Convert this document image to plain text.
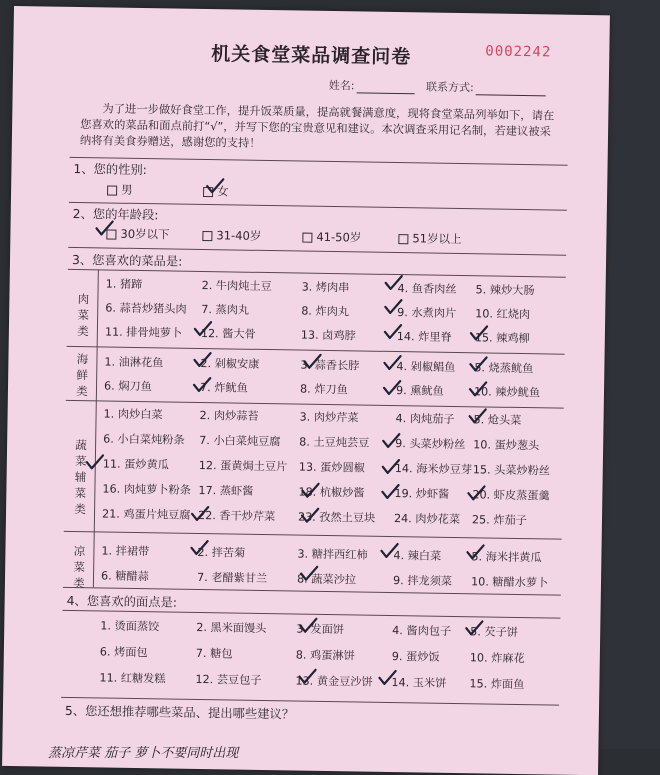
机关食堂菜品调查问卷	0002242
姓名:	联系方式:
为了进一步做好食堂工作，提升饭菜质量，提高就餐满意度，现将食堂菜品列举如下，请在您喜欢的菜品和面点前打“√”，并写下您的宝贵意见和建议。本次调查采用记名制，若建议被采纳将有美食券赠送，感谢您的支持！
1、您的性别:
男	女
2、您的年龄段:
30岁以下	31-40岁	41-50岁	51岁以上
3、您喜欢的菜品是:
肉菜类
海鲜类
蔬菜辅菜类
凉菜类
4、您喜欢的面点是:
5、您还想推荐哪些菜品、提出哪些建议？
1. 猪蹄	2. 牛肉炖土豆	3. 烤肉串	4. 鱼香肉丝 5. 辣炒大肠
6. 蒜苔炒猪头肉 7. 蒸肉丸	8. 炸肉丸	9. 水煮肉片 10. 红烧肉
11. 排骨炖萝卜 12. 酱大骨	13. 卤鸡脖	14. 炸里脊 15. 辣鸡柳
1. 油淋花鱼	2. 剁椒安康	3. 蒜香长脖	4. 剁椒鲳鱼 5. 烧蒸鱿鱼
6. 焖刀鱼	7. 炸鱿鱼	8. 炸刀鱼	9. 熏鱿鱼	10. 辣炒鱿鱼
1. 肉炒白菜	2. 肉炒蒜苔	3. 肉炒芹菜	4. 肉炖茄子 5. 炝头菜
6. 小白菜炖粉条 7. 小白菜炖豆腐 8. 土豆炖芸豆 9. 头菜炒粉丝 10. 蛋炒葱头
11. 蛋炒黄瓜	12. 蛋黄焗土豆片 13. 蛋炒圆椒	14. 海米炒豆芽 15. 头菜炒粉丝
16. 肉炖萝卜粉条 17. 蒸虾酱	18. 杭椒炒酱	19. 炒虾酱 20. 虾皮蒸蛋羹
21. 鸡蛋片炖豆腐 22. 香干炒芹菜 23. 孜然土豆块 24. 肉炒花菜 25. 炸茄子
1. 拌裙带	2. 拌苦菊	3. 糖拌西红柿 4. 辣白菜	5. 海米拌黄瓜
6. 糖醋蒜	7. 老醋紫甘兰	8. 蔬菜沙拉	9. 拌龙须菜 10. 糖醋水萝卜
1. 烫面蒸饺	2. 黑米面馒头	3. 发面饼	4. 酱肉包子 5. 芡子饼
6. 烤面包	7. 糖包	8. 鸡蛋淋饼	9. 蛋炒饭	10. 炸麻花
11. 红糖发糕	12. 芸豆包子	13. 黄金豆沙饼 14. 玉米饼 15. 炸面鱼
蒸凉芹菜 茄子 萝卜不要同时出现
